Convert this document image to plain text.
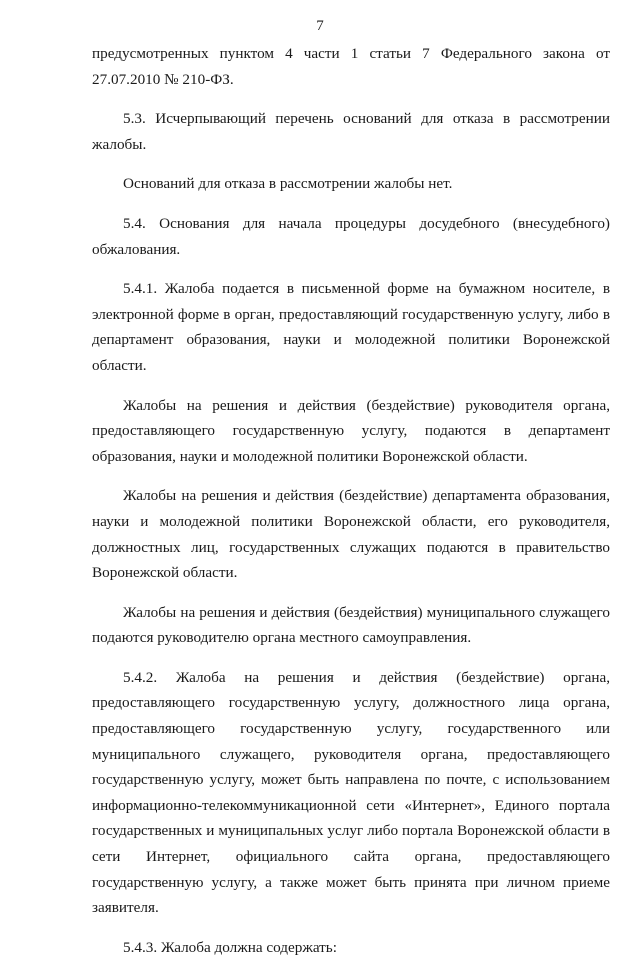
7

предусмотренных пунктом 4 части 1 статьи 7 Федерального закона от 27.07.2010 № 210-ФЗ.

5.3. Исчерпывающий перечень оснований для отказа в рассмотрении жалобы.

Оснований для отказа в рассмотрении жалобы нет.

5.4. Основания для начала процедуры досудебного (внесудебного) обжалования.

5.4.1. Жалоба подается в письменной форме на бумажном носителе, в электронной форме в орган, предоставляющий государственную услугу, либо в департамент образования, науки и молодежной политики Воронежской области.

Жалобы на решения и действия (бездействие) руководителя органа, предоставляющего государственную услугу, подаются в департамент образования, науки и молодежной политики Воронежской области.

Жалобы на решения и действия (бездействие) департамента образования, науки и молодежной политики Воронежской области, его руководителя, должностных лиц, государственных служащих подаются в правительство Воронежской области.

Жалобы на решения и действия (бездействия) муниципального служащего подаются руководителю органа местного самоуправления.

5.4.2. Жалоба на решения и действия (бездействие) органа, предоставляющего государственную услугу, должностного лица органа, предоставляющего государственную услугу, государственного или муниципального служащего, руководителя органа, предоставляющего государственную услугу, может быть направлена по почте, с использованием информационно-телекоммуникационной сети «Интернет», Единого портала государственных и муниципальных услуг либо портала Воронежской области в сети Интернет, официального сайта органа, предоставляющего государственную услугу, а также может быть принята при личном приеме заявителя.

5.4.3. Жалоба должна содержать:
